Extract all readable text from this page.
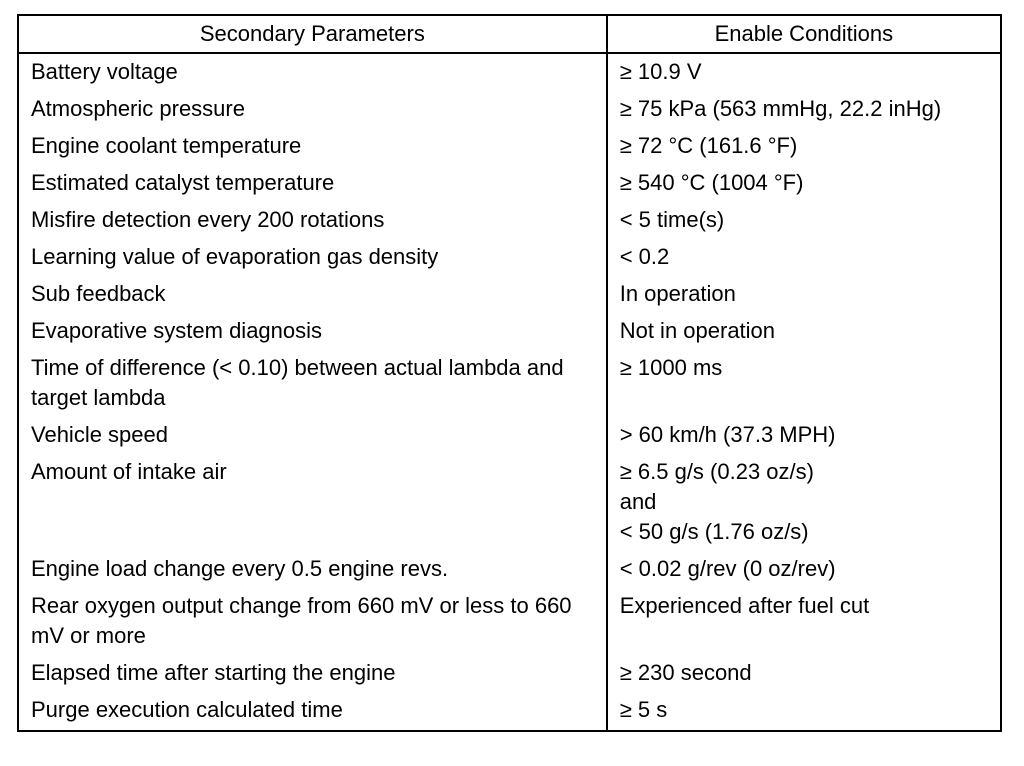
Secondary Parameters	Enable Conditions
Battery voltage	≥ 10.9 V

Atmospheric pressure	≥ 75 kPa (563 mmHg, 22.2 inHg)

Engine coolant temperature	≥ 72 °C (161.6 °F)

Estimated catalyst temperature	≥ 540 °C (1004 °F)

Misfire detection every 200 rotations	< 5 time(s)

Learning value of evaporation gas density	< 0.2

Sub feedback	In operation

Evaporative system diagnosis	Not in operation

Time of difference (< 0.10) between actual lambda and target lambda	≥ 1000 ms

Vehicle speed	> 60 km/h (37.3 MPH)

Amount of intake air	≥ 6.5 g/s (0.23 oz/s)
and
< 50 g/s (1.76 oz/s)

Engine load change every 0.5 engine revs.	< 0.02 g/rev (0 oz/rev)

Rear oxygen output change from 660 mV or less to 660 mV or more	Experienced after fuel cut

Elapsed time after starting the engine	≥ 230 second

Purge execution calculated time	≥ 5 s
